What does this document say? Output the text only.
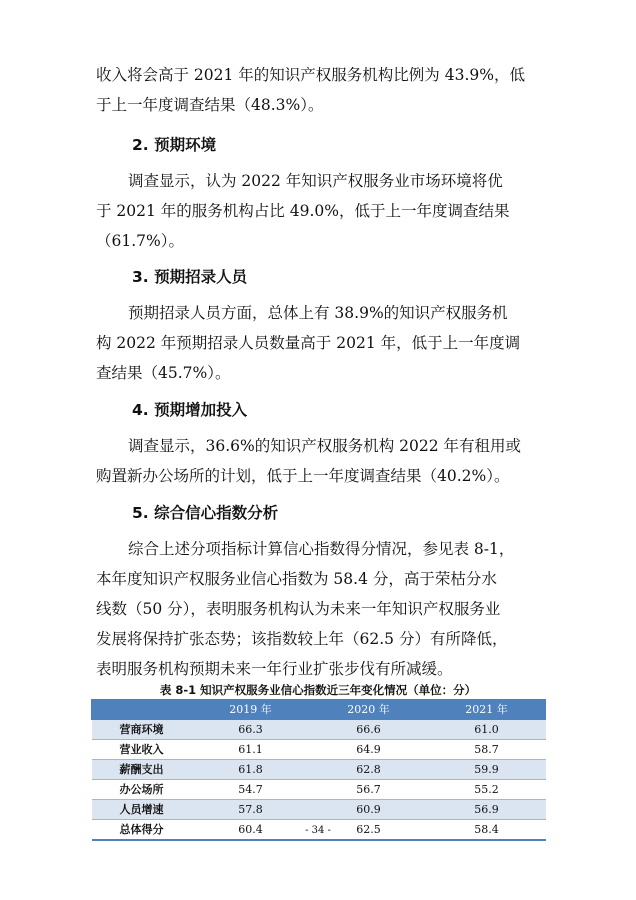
收入将会高于 2021 年的知识产权服务机构比例为 43.9%，低
于上一年度调查结果（48.3%）。
2. 预期环境
调查显示，认为 2022 年知识产权服务业市场环境将优
于 2021 年的服务机构占比 49.0%，低于上一年度调查结果
（61.7%）。
3. 预期招录人员
预期招录人员方面，总体上有 38.9%的知识产权服务机
构 2022 年预期招录人员数量高于 2021 年，低于上一年度调
查结果（45.7%）。
4. 预期增加投入
调查显示，36.6%的知识产权服务机构 2022 年有租用或
购置新办公场所的计划，低于上一年度调查结果（40.2%）。
5. 综合信心指数分析
综合上述分项指标计算信心指数得分情况，参见表 8-1，
本年度知识产权服务业信心指数为 58.4 分，高于荣枯分水
线数（50 分），表明服务机构认为未来一年知识产权服务业
发展将保持扩张态势；该指数较上年（62.5 分）有所降低，
表明服务机构预期未来一年行业扩张步伐有所减缓。
表 8-1 知识产权服务业信心指数近三年变化情况（单位：分）
	2019 年	2020 年	2021 年
营商环境	66.3	66.6	61.0
营业收入	61.1	64.9	58.7
薪酬支出	61.8	62.8	59.9
办公场所	54.7	56.7	55.2
人员增速	57.8	60.9	56.9
总体得分	60.4	62.5	58.4
- 34 -
